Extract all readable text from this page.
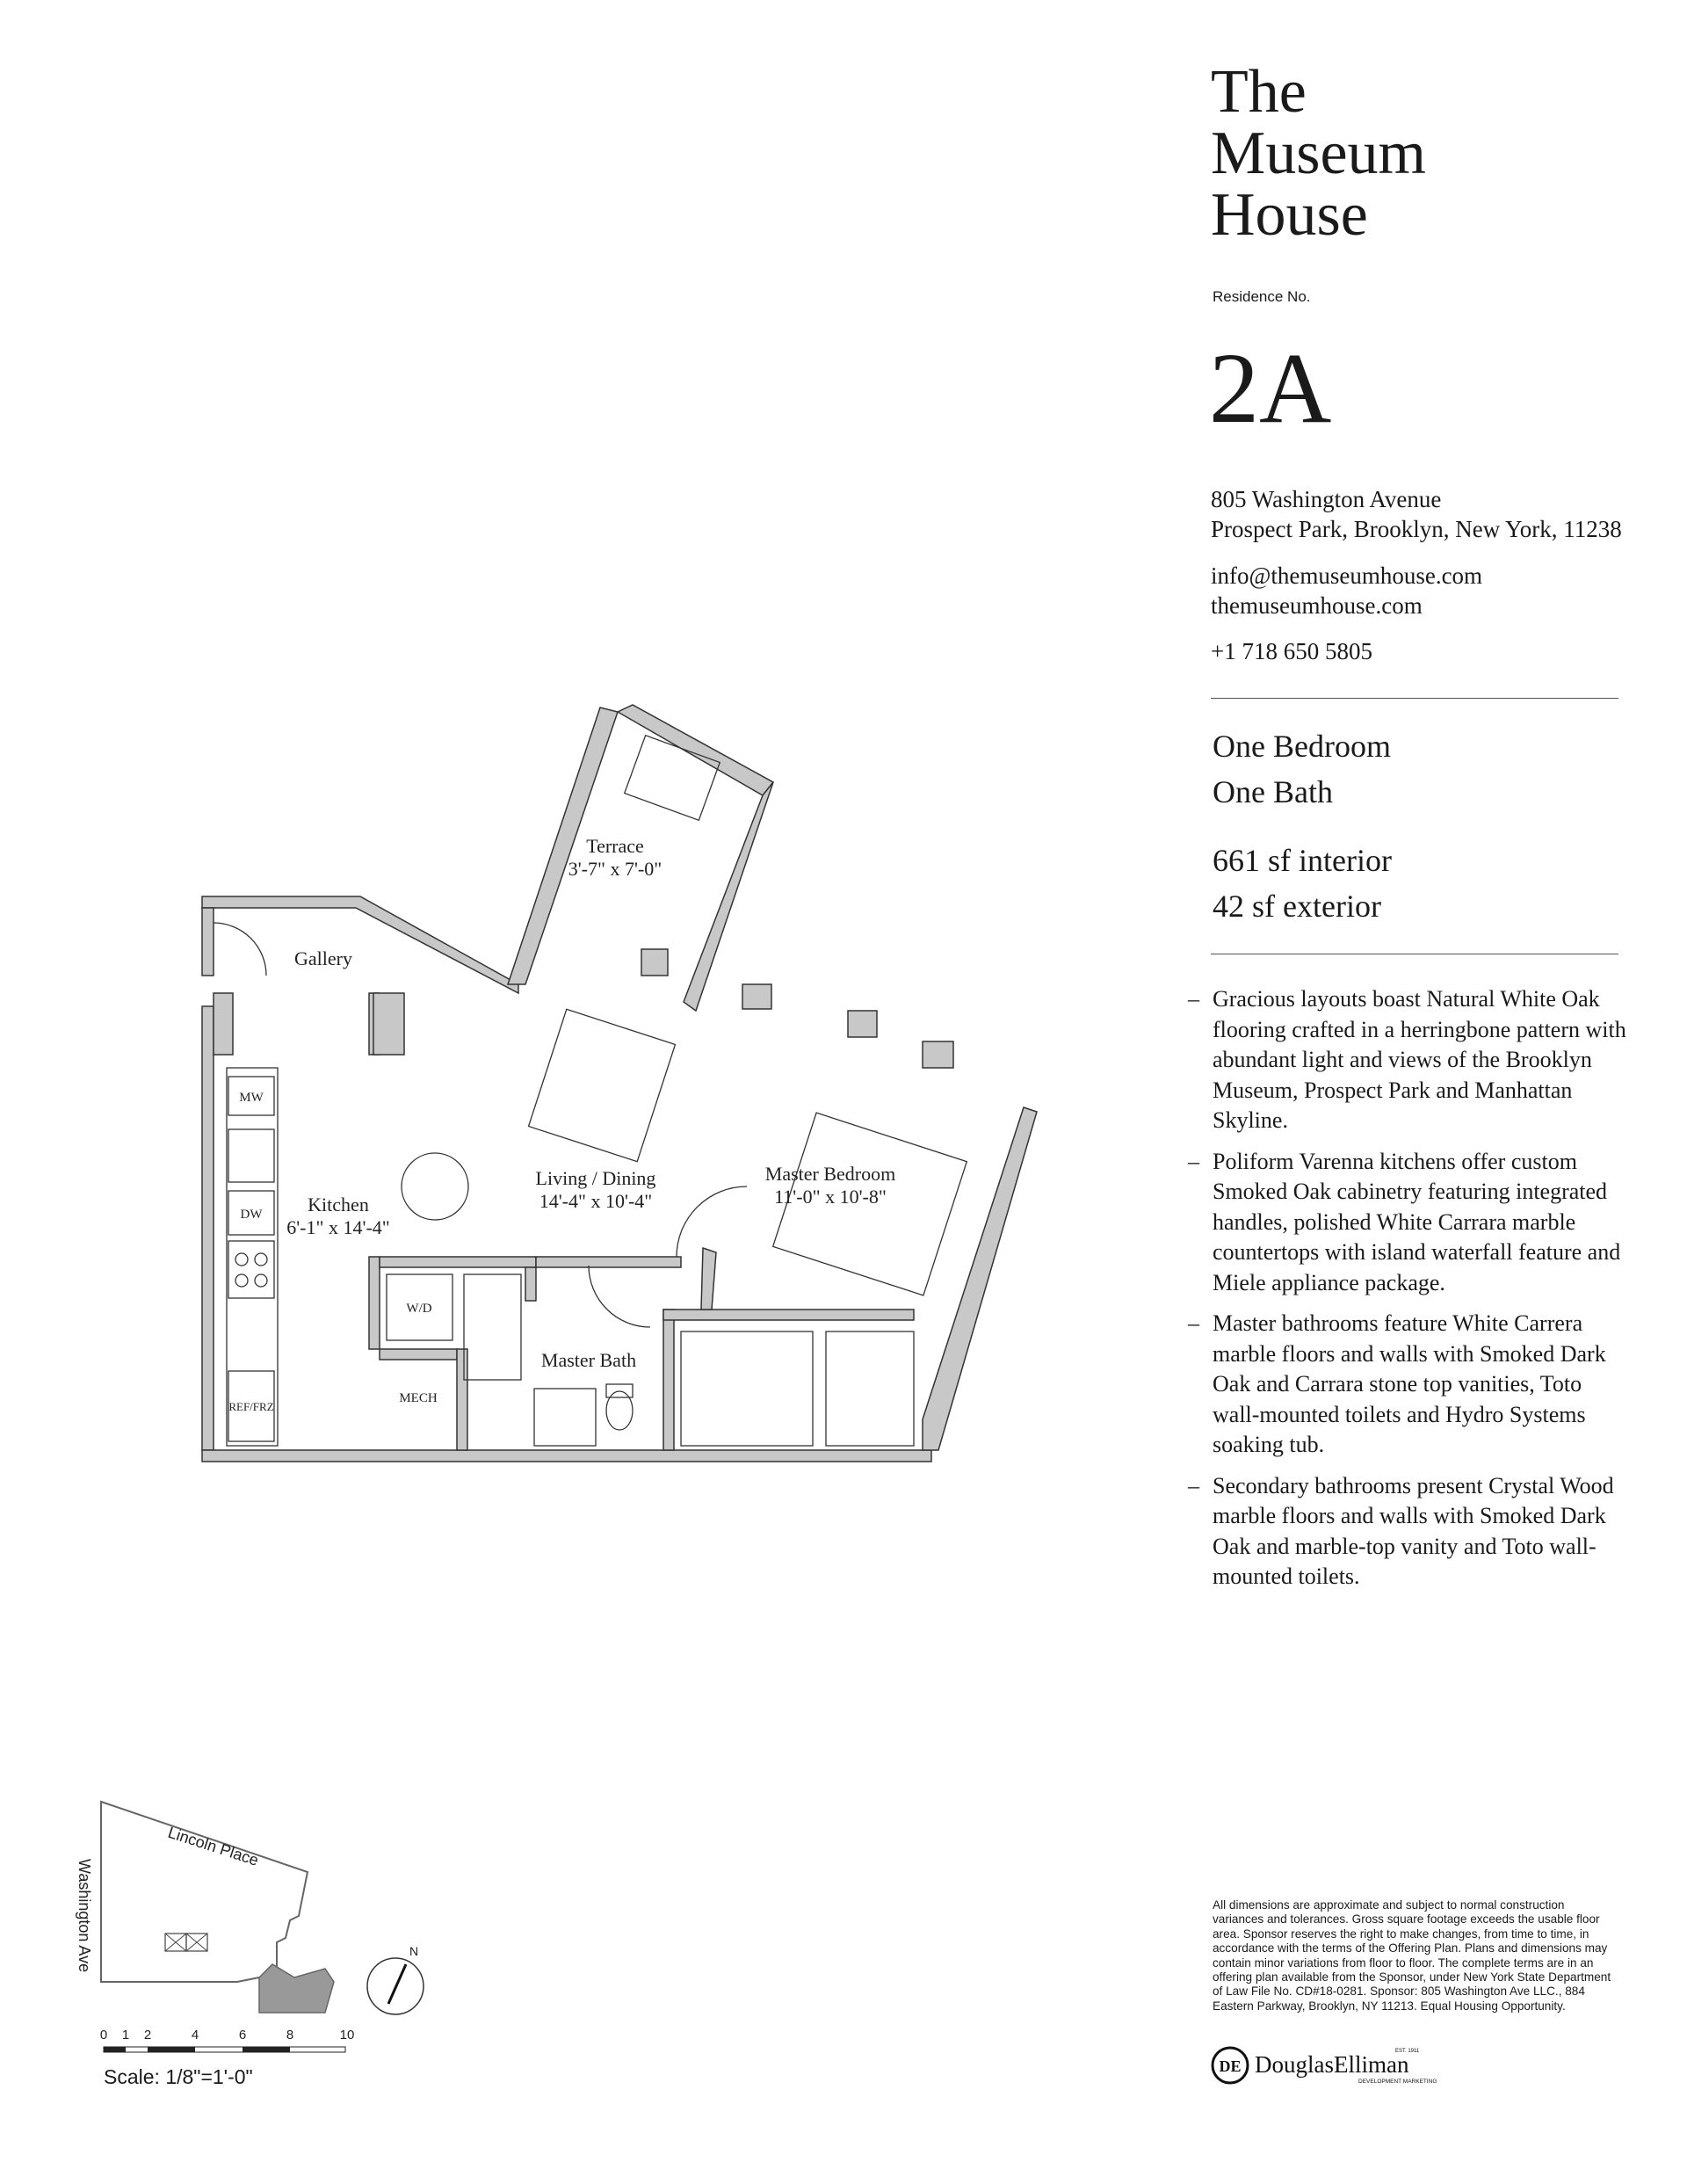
The
Museum
House
Residence No.
2A
805 Washington Avenue
Prospect Park, Brooklyn, New York, 11238
info@themuseumhouse.com
themuseumhouse.com
+1 718 650 5805
One Bedroom
One Bath
661 sf interior
42 sf exterior
– Gracious layouts boast Natural White Oak flooring crafted in a herringbone pattern with abundant light and views of the Brooklyn Museum, Prospect Park and Manhattan Skyline.
– Poliform Varenna kitchens offer custom Smoked Oak cabinetry featuring integrated handles, polished White Carrara marble countertops with island waterfall feature and Miele appliance package.
– Master bathrooms feature White Carrera marble floors and walls with Smoked Dark Oak and Carrara stone top vanities, Toto wall-mounted toilets and Hydro Systems soaking tub.
– Secondary bathrooms present Crystal Wood marble floors and walls with Smoked Dark Oak and marble-top vanity and Toto wall-mounted toilets.
Terrace
3'-7" x 7'-0"
Gallery
Living / Dining
14'-4" x 10'-4"
Kitchen
6'-1" x 14'-4"
Master Bedroom
11'-0" x 10'-8"
Master Bath
MW
DW
REF/FRZ
W/D
MECH
Lincoln Place
Washington Ave	N
0 1 2	4	6	8	10
Scale: 1/8"=1'-0"
All dimensions are approximate and subject to normal construction variances and tolerances. Gross square footage exceeds the usable floor area. Sponsor reserves the right to make changes, from time to time, in accordance with the terms of the Offering Plan. Plans and dimensions may contain minor variations from floor to floor. The complete terms are in an offering plan available from the Sponsor, under New York State Department of Law File No. CD#18-0281. Sponsor: 805 Washington Ave LLC., 884 Eastern Parkway, Brooklyn, NY 11213. Equal Housing Opportunity.
DE DouglasElliman
EST. 1911
DEVELOPMENT MARKETING
